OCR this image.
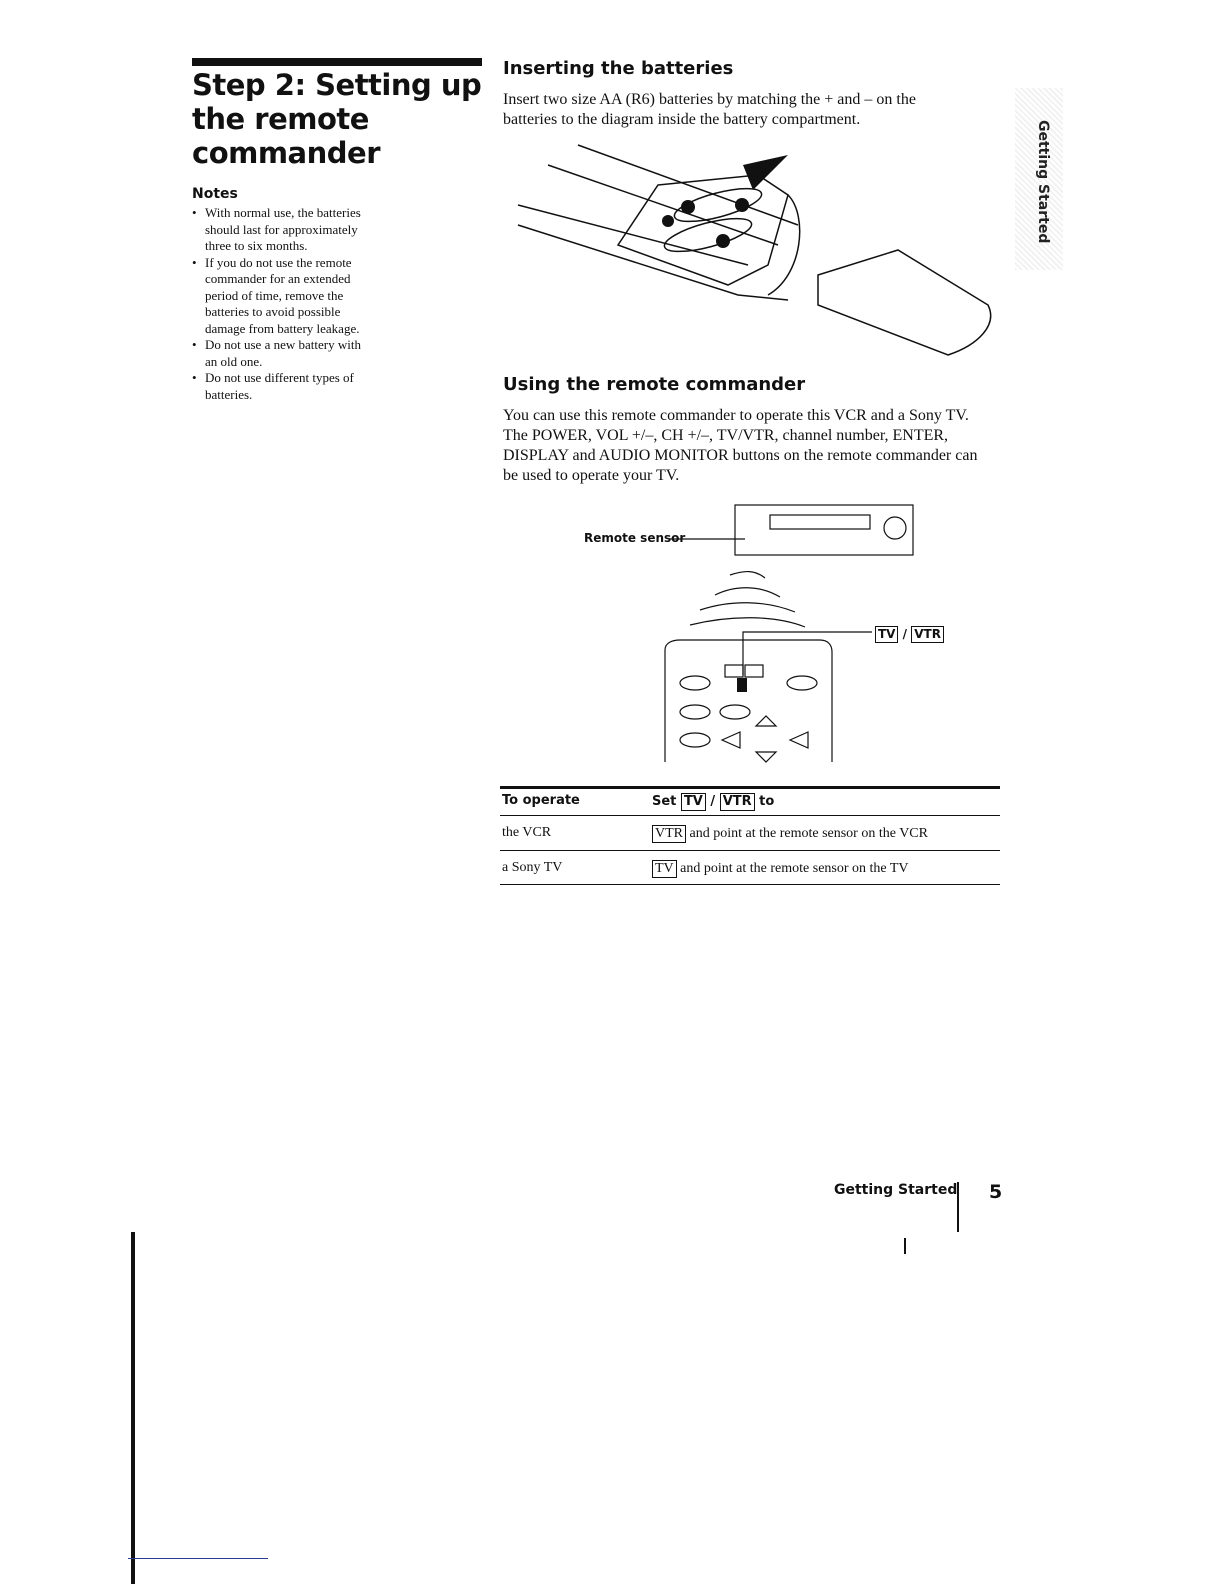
Step 2: Setting up the remote commander
Notes
• With normal use, the batteries should last for approximately three to six months.
• If you do not use the remote commander for an extended period of time, remove the batteries to avoid possible damage from battery leakage.
• Do not use a new battery with an old one.
• Do not use different types of batteries.
Inserting the batteries
Insert two size AA (R6) batteries by matching the + and – on the batteries to the diagram inside the battery compartment.
Using the remote commander
You can use this remote commander to operate this VCR and a Sony TV. The POWER, VOL +/–, CH +/–, TV/VTR, channel number, ENTER, DISPLAY and AUDIO MONITOR buttons on the remote commander can be used to operate your TV.
Remote sensor
TV / VTR
To operate	Set TV / VTR to
the VCR	VTR and point at the remote sensor on the VCR
a Sony TV	TV and point at the remote sensor on the TV
Getting Started
Getting Started 5
